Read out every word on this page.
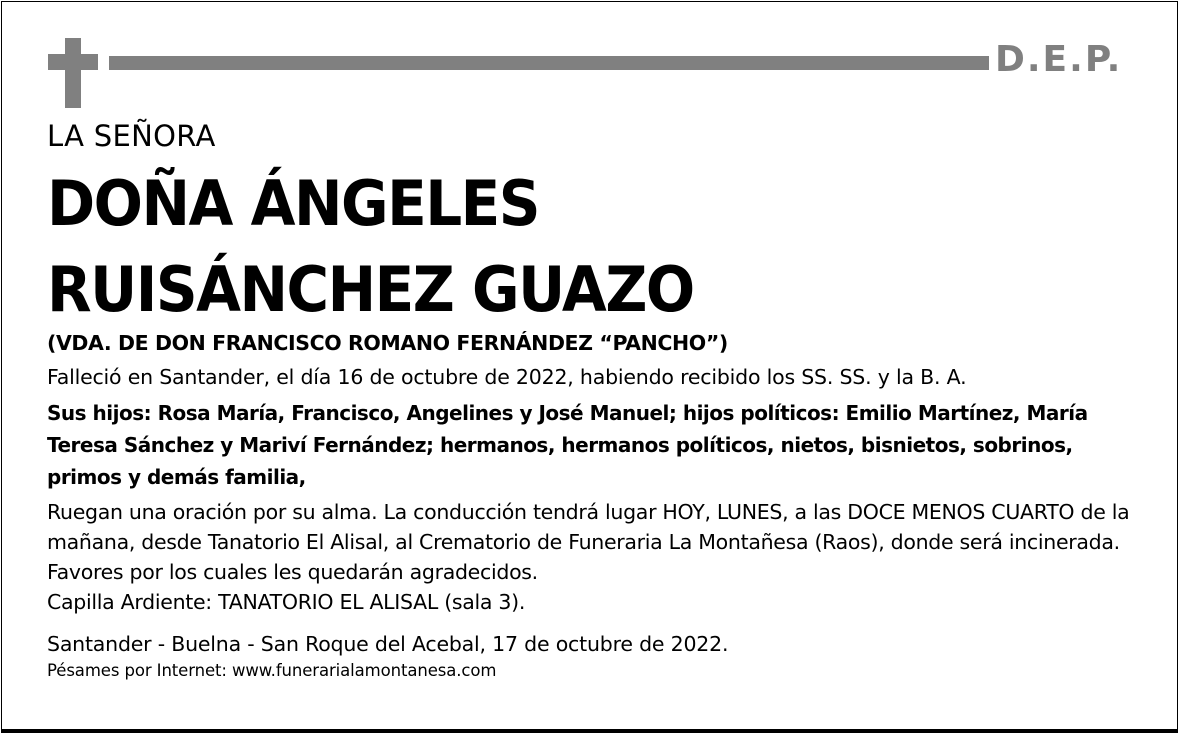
D.E.P.

LA SEÑORA

DOÑA ÁNGELES
RUISÁNCHEZ GUAZO

(VDA. DE DON FRANCISCO ROMANO FERNÁNDEZ “PANCHO”)

Falleció en Santander, el día 16 de octubre de 2022, habiendo recibido los SS. SS. y la B. A.

Sus hijos: Rosa María, Francisco, Angelines y José Manuel; hijos políticos: Emilio Martínez, María Teresa Sánchez y Mariví Fernández; hermanos, hermanos políticos, nietos, bisnietos, sobrinos, primos y demás familia,

Ruegan una oración por su alma. La conducción tendrá lugar HOY, LUNES, a las DOCE MENOS CUARTO de la mañana, desde Tanatorio El Alisal, al Crematorio de Funeraria La Montañesa (Raos), donde será incinerada. Favores por los cuales les quedarán agradecidos.
Capilla Ardiente: TANATORIO EL ALISAL (sala 3).

Santander - Buelna - San Roque del Acebal, 17 de octubre de 2022.

Pésames por Internet: www.funerarialamontanesa.com
